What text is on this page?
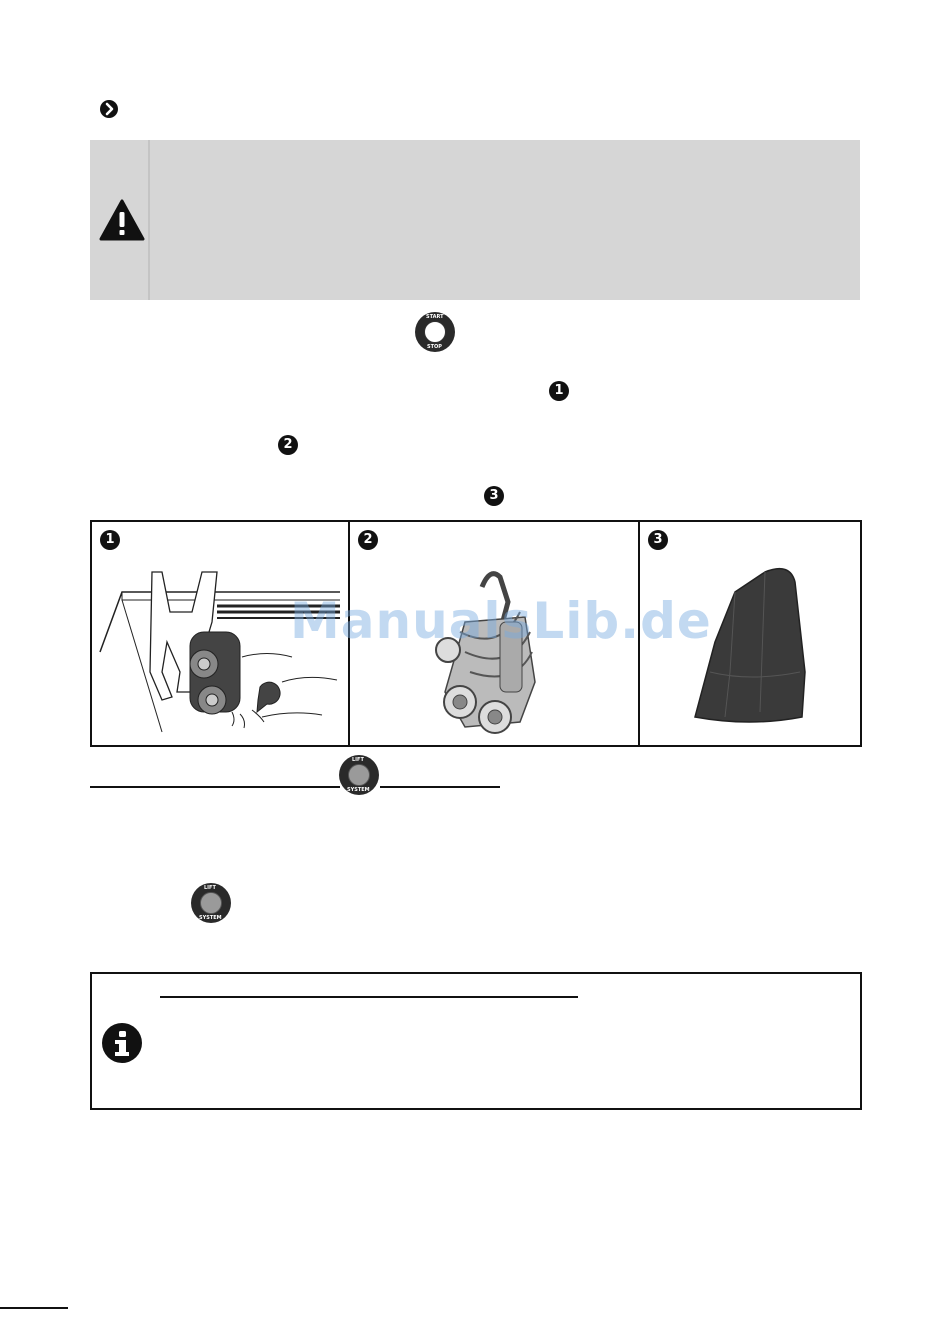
START
STOP
1
2
3
1	2	3
ManualsLib.de
LIFT
SYSTEM
LIFT
SYSTEM
